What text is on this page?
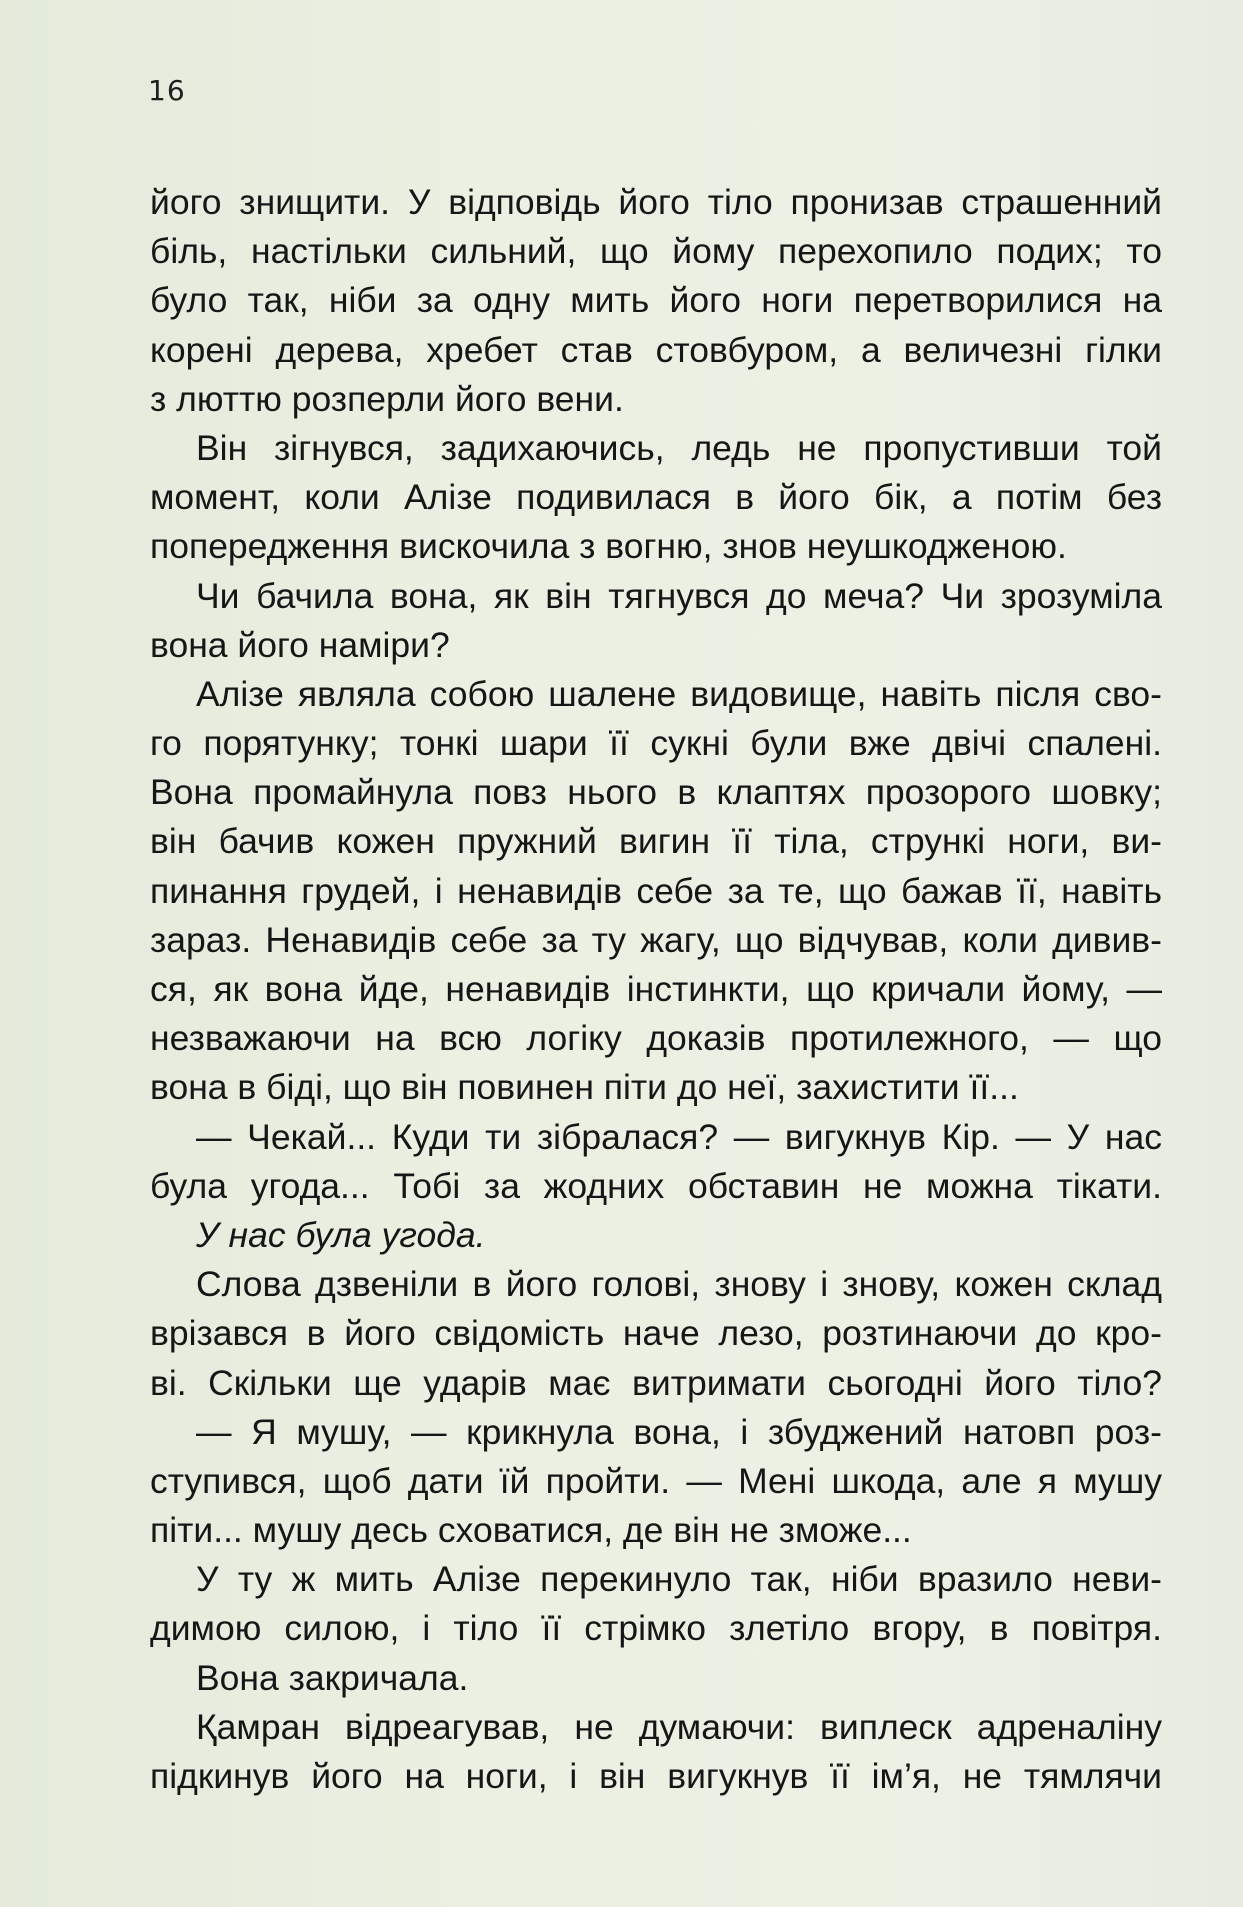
16
його знищити. У відповідь його тіло пронизав страшенний
біль, настільки сильний, що йому перехопило подих; то
було так, ніби за одну мить його ноги перетворилися на
корені дерева, хребет став стовбуром, а величезні гілки
з люттю розперли його вени.
Він зігнувся, задихаючись, ледь не пропустивши той
момент, коли Алізе подивилася в його бік, а потім без
попередження вискочила з вогню, знов неушкодженою.
Чи бачила вона, як він тягнувся до меча? Чи зрозуміла
вона його наміри?
Алізе являла собою шалене видовище, навіть після сво-
го порятунку; тонкі шари її сукні були вже двічі спалені.
Вона промайнула повз нього в клаптях прозорого шовку;
він бачив кожен пружний вигин її тіла, стрункі ноги, ви-
пинання грудей, і ненавидів себе за те, що бажав її, навіть
зараз. Ненавидів себе за ту жагу, що відчував, коли дивив-
ся, як вона йде, ненавидів інстинкти, що кричали йому, —
незважаючи на всю логіку доказів протилежного, — що
вона в біді, що він повинен піти до неї, захистити її...
— Чекай... Куди ти зібралася? — вигукнув Кір. — У нас
була угода... Тобі за жодних обставин не можна тікати.
У нас була угода.
Слова дзвеніли в його голові, знову і знову, кожен склад
врізався в його свідомість наче лезо, розтинаючи до кро-
ві. Скільки ще ударів має витримати сьогодні його тіло?
— Я мушу, — крикнула вона, і збуджений натовп роз-
ступився, щоб дати їй пройти. — Мені шкода, але я мушу
піти... мушу десь сховатися, де він не зможе...
У ту ж мить Алізе перекинуло так, ніби вразило неви-
димою силою, і тіло її стрімко злетіло вгору, в повітря.
Вона закричала.
Қамран відреагував, не думаючи: виплеск адреналіну
підкинув його на ноги, і він вигукнув її ім’я, не тямлячи
